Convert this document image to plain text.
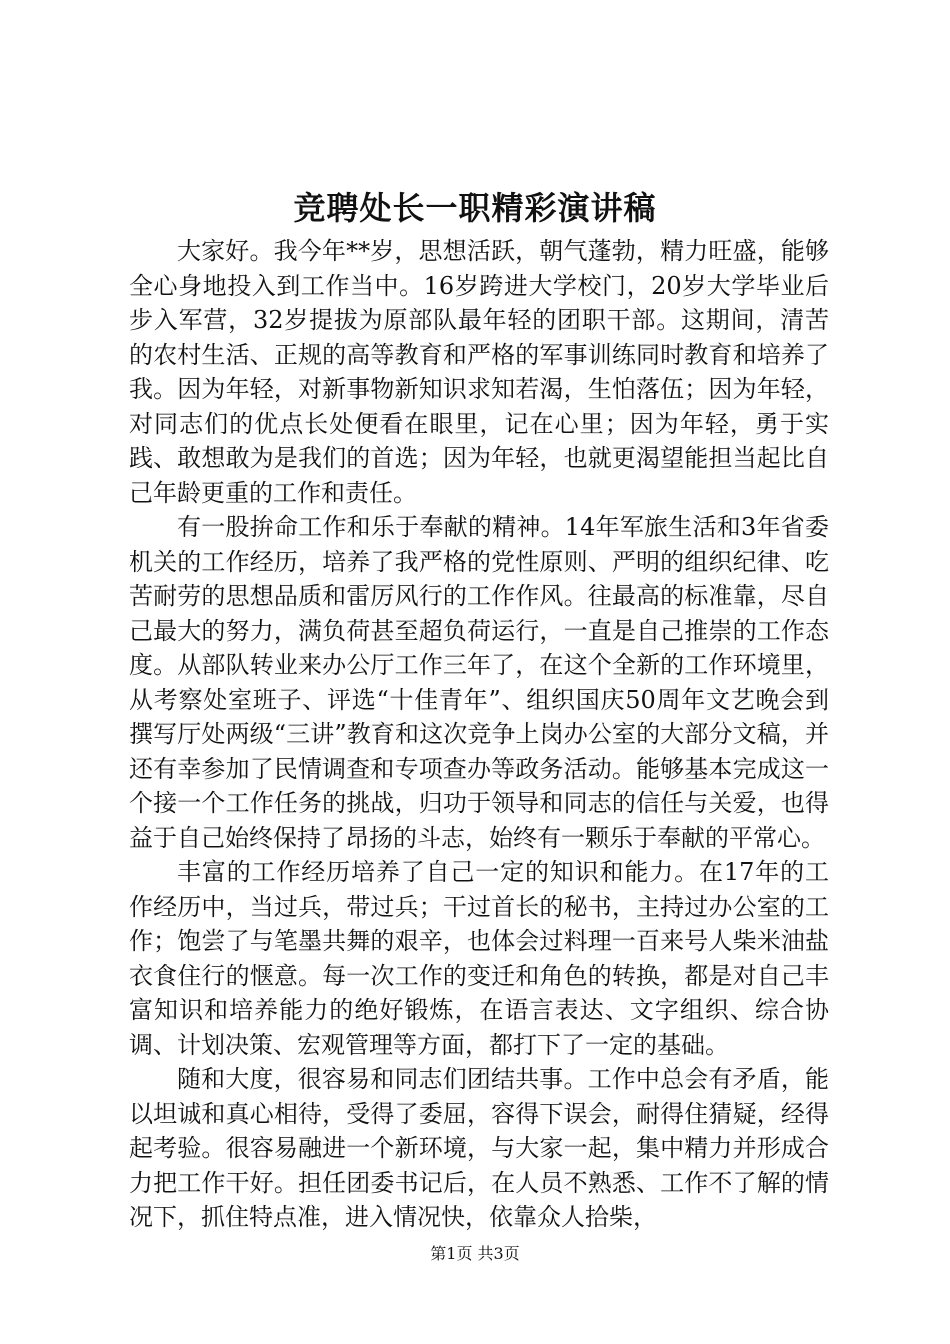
竞聘处长一职精彩演讲稿

大家好。我今年**岁，思想活跃，朝气蓬勃，精力旺盛，能够全心身地投入到工作当中。16岁跨进大学校门，20岁大学毕业后步入军营，32岁提拔为原部队最年轻的团职干部。这期间，清苦的农村生活、正规的高等教育和严格的军事训练同时教育和培养了我。因为年轻，对新事物新知识求知若渴，生怕落伍；因为年轻，对同志们的优点长处便看在眼里，记在心里；因为年轻，勇于实践、敢想敢为是我们的首选；因为年轻，也就更渴望能担当起比自己年龄更重的工作和责任。

有一股拚命工作和乐于奉献的精神。14年军旅生活和3年省委机关的工作经历，培养了我严格的党性原则、严明的组织纪律、吃苦耐劳的思想品质和雷厉风行的工作作风。往最高的标准靠，尽自己最大的努力，满负荷甚至超负荷运行，一直是自己推崇的工作态度。从部队转业来办公厅工作三年了，在这个全新的工作环境里，从考察处室班子、评选“十佳青年”、组织国庆50周年文艺晚会到撰写厅处两级“三讲”教育和这次竞争上岗办公室的大部分文稿，并还有幸参加了民情调查和专项查办等政务活动。能够基本完成这一个接一个工作任务的挑战，归功于领导和同志的信任与关爱，也得益于自己始终保持了昂扬的斗志，始终有一颗乐于奉献的平常心。

丰富的工作经历培养了自己一定的知识和能力。在17年的工作经历中，当过兵，带过兵；干过首长的秘书，主持过办公室的工作；饱尝了与笔墨共舞的艰辛，也体会过料理一百来号人柴米油盐衣食住行的惬意。每一次工作的变迁和角色的转换，都是对自己丰富知识和培养能力的绝好锻炼，在语言表达、文字组织、综合协调、计划决策、宏观管理等方面，都打下了一定的基础。

随和大度，很容易和同志们团结共事。工作中总会有矛盾，能以坦诚和真心相待，受得了委屈，容得下误会，耐得住猜疑，经得起考验。很容易融进一个新环境，与大家一起，集中精力并形成合力把工作干好。担任团委书记后，在人员不熟悉、工作不了解的情况下，抓住特点准，进入情况快，依靠众人拾柴，

第1页 共3页
